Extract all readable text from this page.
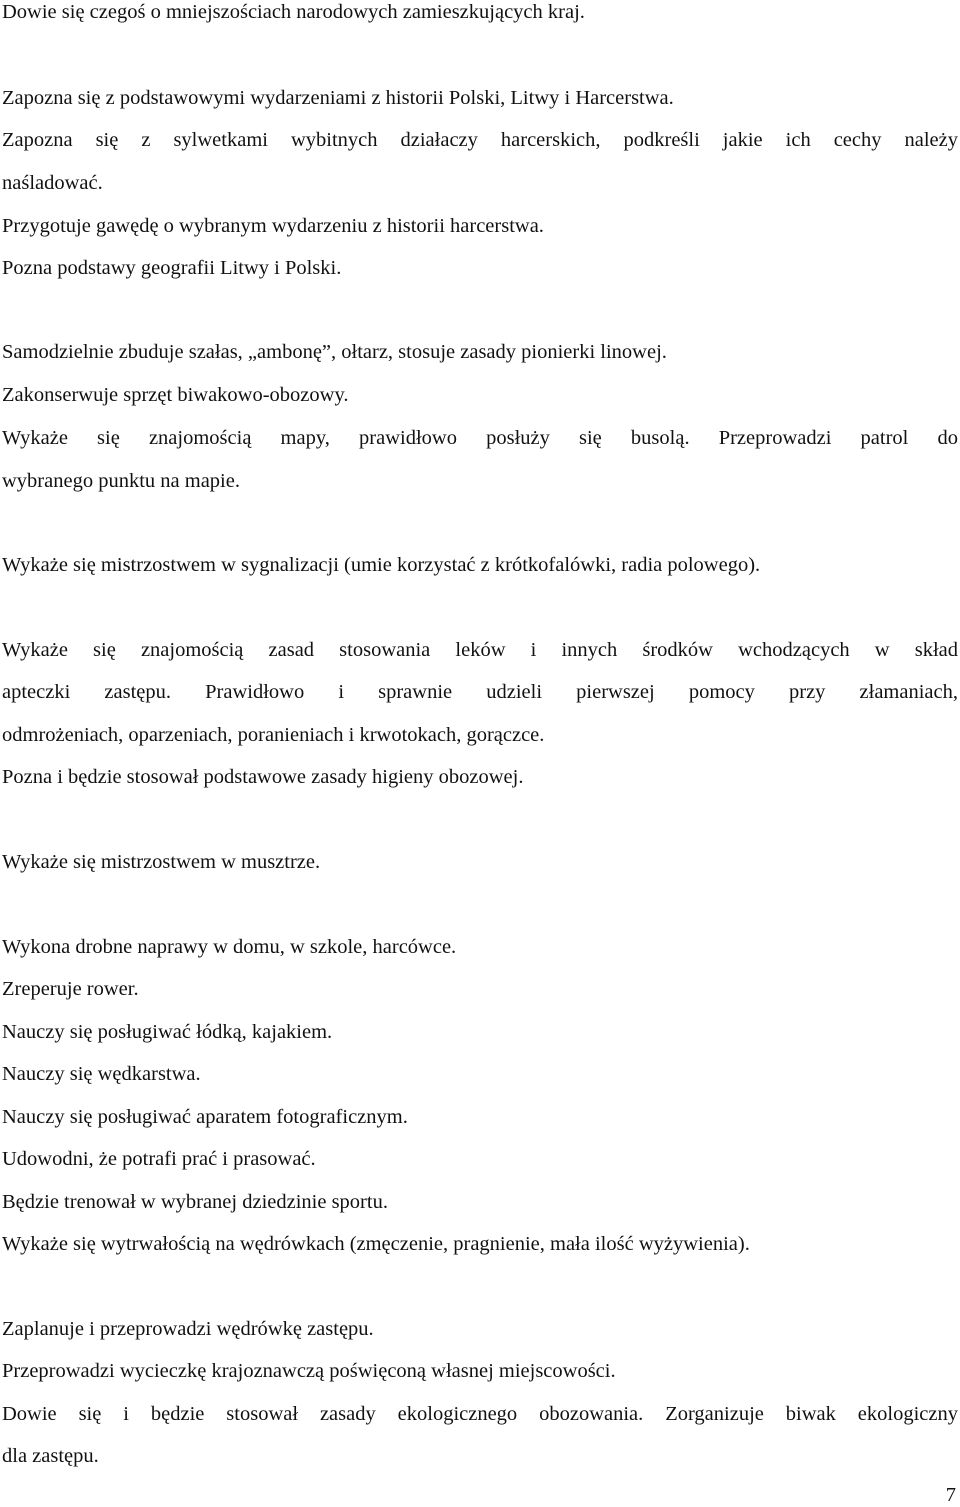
Dowie się czegoś o mniejszościach narodowych zamieszkujących kraj.
Zapozna się z podstawowymi wydarzeniami z historii Polski, Litwy i Harcerstwa.
Zapozna się z sylwetkami wybitnych działaczy harcerskich, podkreśli jakie ich cechy należy
naśladować.
Przygotuje gawędę o wybranym wydarzeniu z historii harcerstwa.
Pozna podstawy geografii Litwy i Polski.
Samodzielnie zbuduje szałas, „ambonę”, ołtarz, stosuje zasady pionierki linowej.
Zakonserwuje sprzęt biwakowo-obozowy.
Wykaże się znajomością mapy, prawidłowo posłuży się busolą. Przeprowadzi patrol do
wybranego punktu na mapie.
Wykaże się mistrzostwem w sygnalizacji (umie korzystać z krótkofalówki, radia polowego).
Wykaże się znajomością zasad stosowania leków i innych środków wchodzących w skład
apteczki zastępu. Prawidłowo i sprawnie udzieli pierwszej pomocy przy złamaniach,
odmrożeniach, oparzeniach, poranieniach i krwotokach, gorączce.
Pozna i będzie stosował podstawowe zasady higieny obozowej.
Wykaże się mistrzostwem w musztrze.
Wykona drobne naprawy w domu, w szkole, harcówce.
Zreperuje rower.
Nauczy się posługiwać łódką, kajakiem.
Nauczy się wędkarstwa.
Nauczy się posługiwać aparatem fotograficznym.
Udowodni, że potrafi prać i prasować.
Będzie trenował w wybranej dziedzinie sportu.
Wykaże się wytrwałością na wędrówkach (zmęczenie, pragnienie, mała ilość wyżywienia).
Zaplanuje i przeprowadzi wędrówkę zastępu.
Przeprowadzi wycieczkę krajoznawczą poświęconą własnej miejscowości.
Dowie się i będzie stosował zasady ekologicznego obozowania. Zorganizuje biwak ekologiczny
dla zastępu.
7
